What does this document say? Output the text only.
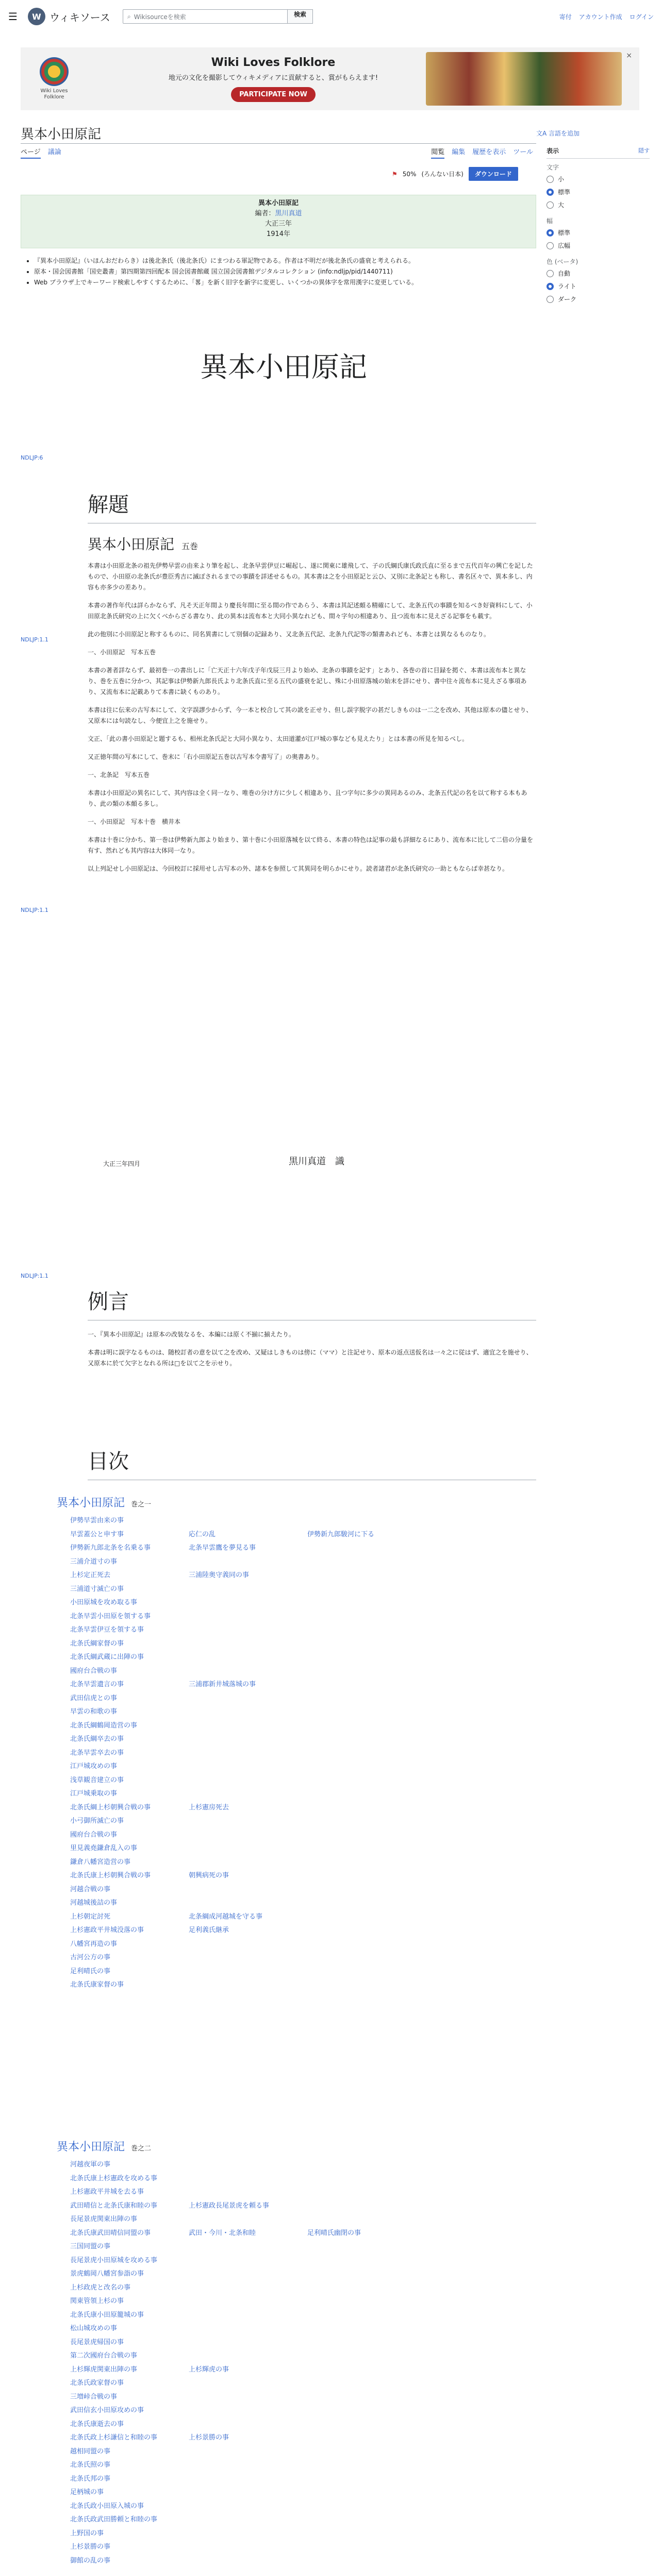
☰	W ウィキソース	⌕ Wikisourceを検索	検索	寄付 アカウント作成 ログイン
×
Wiki Loves
Folklore
Wiki Loves Folklore
地元の文化を撮影してウィキメディアに貢献すると、賞がもらえます!
PARTICIPATE NOW
異本小田原記	文A 言語を追加
ページ 議論	閲覧 編集 履歴を表示 ツール
⚑ 50% (ろんない日本)	ダウンロード
表示	隠す
文字
小
標準
大
幅
標準
広幅
色 (ベータ)
自動
ライト
ダーク
異本小田原記
編者：黒川真道
大正三年
1914年
• 『異本小田原記』（いほんおだわらき）は後北条氏（後北条氏）にまつわる軍記物である。作者は不明だが後北条氏の盛衰と考えられる。
• 原本・国会図書館「国史叢書」第四期第四回配本 国会図書館蔵 国立国会図書館デジタルコレクション (info:ndljp/pid/1440711)
• Web ブラウザ上でキーワード検索しやすくするために、「畧」を新く旧字を新字に変更し、いくつかの異体字を常用漢字に変更している。
異本小田原記
NDLJP:6
解題
異本小田原記 五巻
NDLJP:1.1

本書は小田原北条の祖先伊勢早雲の由来より筆を起し、北条早雲伊豆に崛起し、遂に関東に雄飛して、子の氏綱氏康氏政氏直に至るまで五代百年の興亡を記したもので、小田原の北条氏が豊臣秀吉に滅ぼされるまでの事蹟を詳述せるもの。其本書は之を小田原記と云ひ、又別に北条記とも称し、書名区々で、異本多し、内容も亦多少の差あり。

本書の著作年代は詳らかならず、凡そ天正年間より慶長年間に至る間の作であらう、本書は其記述頗る精確にして、北条五代の事蹟を知るべき好資料にして、小田原北条氏研究の上に欠くべからざる書なり、此の異本は流布本と大同小異なれども、間々字句の相違あり、且つ流布本に見えざる記事をも載す。

此の他別に小田原記と称するものに、同名異書にして別個の記録あり、又北条五代記、北条九代記等の類書あれども、本書とは異なるものなり。

一、小田原記　写本五巻

本書の著者詳ならず、最初巻一の書出しに「亡天正十六年戊子年戊辰三月より始め、北条の事蹟を記す」とあり、各巻の首に目録を掲ぐ、本書は流布本と異なり、巻を五巻に分かつ、其記事は伊勢新九郎長氏より北条氏直に至る五代の盛衰を記し、殊に小田原落城の始末を詳にせり、書中往々流布本に見えざる事項あり、又流布本に記載ありて本書に缺くものあり。

本書は往に伝来の古写本にして、文字誤謬少からず、今一本と校合して其の訛を正せり、但し誤字脱字の甚だしきものは一二之を改め、其他は原本の儘とせり、又原本には句読なし、今便宜上之を施せり。

文正、「此の書小田原記と題するも、相州北条氏記と大同小異なり、太田道灌が江戸城の事なども見えたり」とは本書の所見を知るべし。

又正徳年間の写本にして、巻末に「右小田原記五巻以古写本令書写了」の奥書あり。

一、北条記　写本五巻

本書は小田原記の異名にして、其内容は全く同一なり、唯巻の分け方に少しく相違あり、且つ字句に多少の異同あるのみ、北条五代記の名を以て称する本もあり、此の類の本頗る多し。

一、小田原記　写本十巻　横井本

本書は十巻に分かち、第一巻は伊勢新九郎より始まり、第十巻に小田原落城を以て終る、本書の特色は記事の最も詳細なるにあり、流布本に比して二倍の分量を有す、然れども其内容は大体同一なり。

以上列記せし小田原記は、今回校訂に採用せし古写本の外、諸本を参照して其異同を明らかにせり。読者諸君が北条氏研究の一助ともならば幸甚なり。

NDLJP:1.1
大正三年四月	黒川真道　識
NDLJP:1.1
例言

一、『異本小田原記』は原本の改装なるを、本編には原く不揃に揃えたり。

本書は明に誤字なるものは、随校訂者の意を以て之を改め、又疑はしきものは傍に（ママ）と注記せり、原本の返点送仮名は一々之に従はず、適宜之を施せり、又原本に於て欠字となれる所は□を以て之を示せり。

目次
異本小田原記 巻之一
伊勢早雲由来の事
早雲蓋公と申す事	応仁の乱	伊勢新九郎駿河に下る
伊勢新九郎北条を名乗る事	北条早雲鷹を夢見る事
三浦介道寸の事
上杉定正死去	三浦陸奥守義同の事
三浦道寸滅亡の事
小田原城を攻め取る事
北条早雲小田原を領する事
北条早雲伊豆を領する事
北条氏綱家督の事
北条氏綱武蔵に出陣の事
國府台合戦の事
北条早雲遺言の事	三浦郡新井城落城の事
武田信虎との事
早雲の和歌の事
北条氏綱鶴岡造営の事
北条氏綱卒去の事
北条早雲卒去の事
江戸城攻めの事
浅草観音建立の事
江戸城乗取の事
北条氏綱上杉朝興合戦の事	上杉憲房死去
小弓御所滅亡の事
國府台合戦の事
里見義堯鎌倉乱入の事
鎌倉八幡宮造営の事
北条氏康上杉朝興合戦の事	朝興病死の事
河越合戦の事
河越城後詰の事
上杉朝定討死	北条綱成河越城を守る事
上杉憲政平井城没落の事	足利義氏継承
八幡宮再造の事
古河公方の事
足利晴氏の事
北条氏康家督の事
異本小田原記 巻之二
河越夜軍の事
北条氏康上杉憲政を攻める事
上杉憲政平井城を去る事
武田晴信と北条氏康和睦の事	上杉憲政長尾景虎を頼る事
長尾景虎関東出陣の事
北条氏康武田晴信同盟の事	武田・今川・北条和睦	足利晴氏幽閉の事
三国同盟の事
長尾景虎小田原城を攻める事
景虎鶴岡八幡宮参詣の事
上杉政虎と改名の事
関東管領上杉の事
北条氏康小田原籠城の事
松山城攻めの事
長尾景虎帰国の事
第二次國府台合戦の事
上杉輝虎関東出陣の事	上杉輝虎の事
北条氏政家督の事
三増峠合戦の事
武田信玄小田原攻めの事
北条氏康逝去の事
北条氏政上杉謙信と和睦の事	上杉景勝の事
越相同盟の事
北条氏照の事
北条氏邦の事
足柄城の事
北条氏政小田原入城の事
北条氏政武田勝頼と和睦の事
上野国の事
上杉景勝の事
御館の乱の事
